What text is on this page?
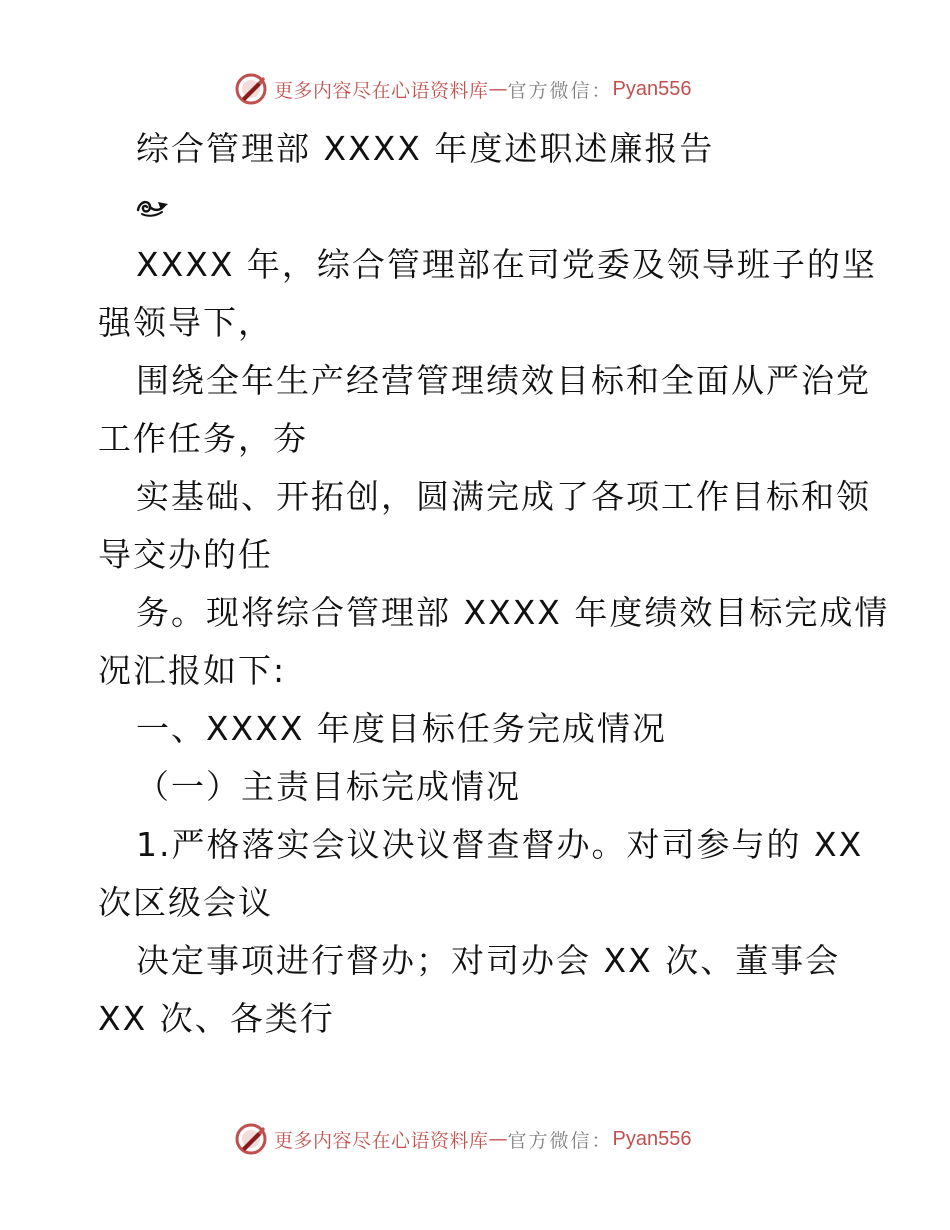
更多内容尽在心语资料库 — 官方微信： Pyan556
综合管理部 XXXX 年度述职述廉报告
XXXX 年，综合管理部在司党委及领导班子的坚
强领导下，
围绕全年生产经营管理绩效目标和全面从严治党
工作任务，夯
实基础、开拓创，圆满完成了各项工作目标和领
导交办的任
务。现将综合管理部 XXXX 年度绩效目标完成情
况汇报如下:
一、XXXX 年度目标任务完成情况
（一）主责目标完成情况
1.严格落实会议决议督查督办。对司参与的 XX
次区级会议
决定事项进行督办；对司办会 XX 次、董事会
XX 次、各类行
更多内容尽在心语资料库 — 官方微信： Pyan556
